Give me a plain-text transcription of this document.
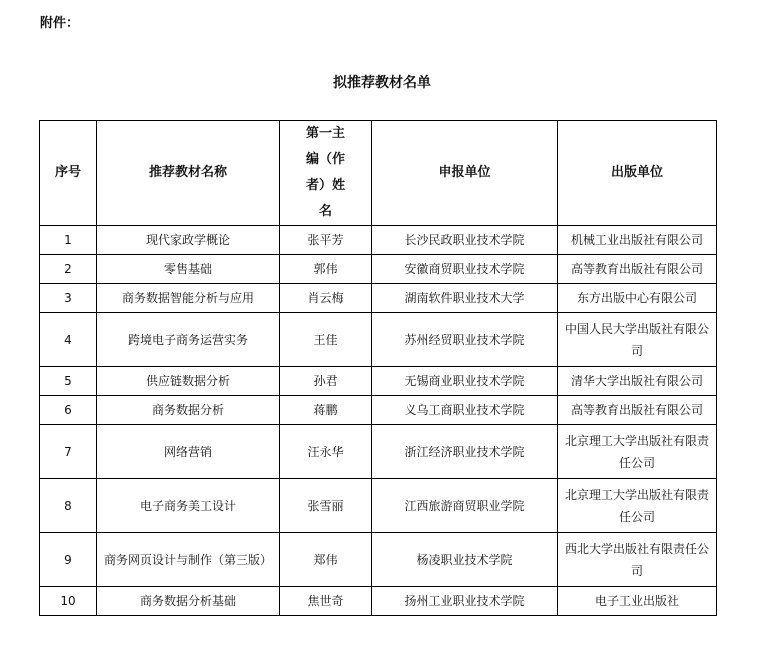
附件：
拟推荐教材名单
序号	推荐教材名称	第一主编（作者）姓名	申报单位	出版单位
1	现代家政学概论	张平芳	长沙民政职业技术学院	机械工业出版社有限公司
2	零售基础	郭伟	安徽商贸职业技术学院	高等教育出版社有限公司
3	商务数据智能分析与应用	肖云梅	湖南软件职业技术大学	东方出版中心有限公司
4	跨境电子商务运营实务	王佳	苏州经贸职业技术学院	中国人民大学出版社有限公司
5	供应链数据分析	孙君	无锡商业职业技术学院	清华大学出版社有限公司
6	商务数据分析	蒋鹏	义乌工商职业技术学院	高等教育出版社有限公司
7	网络营销	汪永华	浙江经济职业技术学院	北京理工大学出版社有限责任公司
8	电子商务美工设计	张雪丽	江西旅游商贸职业学院	北京理工大学出版社有限责任公司
9	商务网页设计与制作（第三版）	郑伟	杨凌职业技术学院	西北大学出版社有限责任公司
10	商务数据分析基础	焦世奇	扬州工业职业技术学院	电子工业出版社
